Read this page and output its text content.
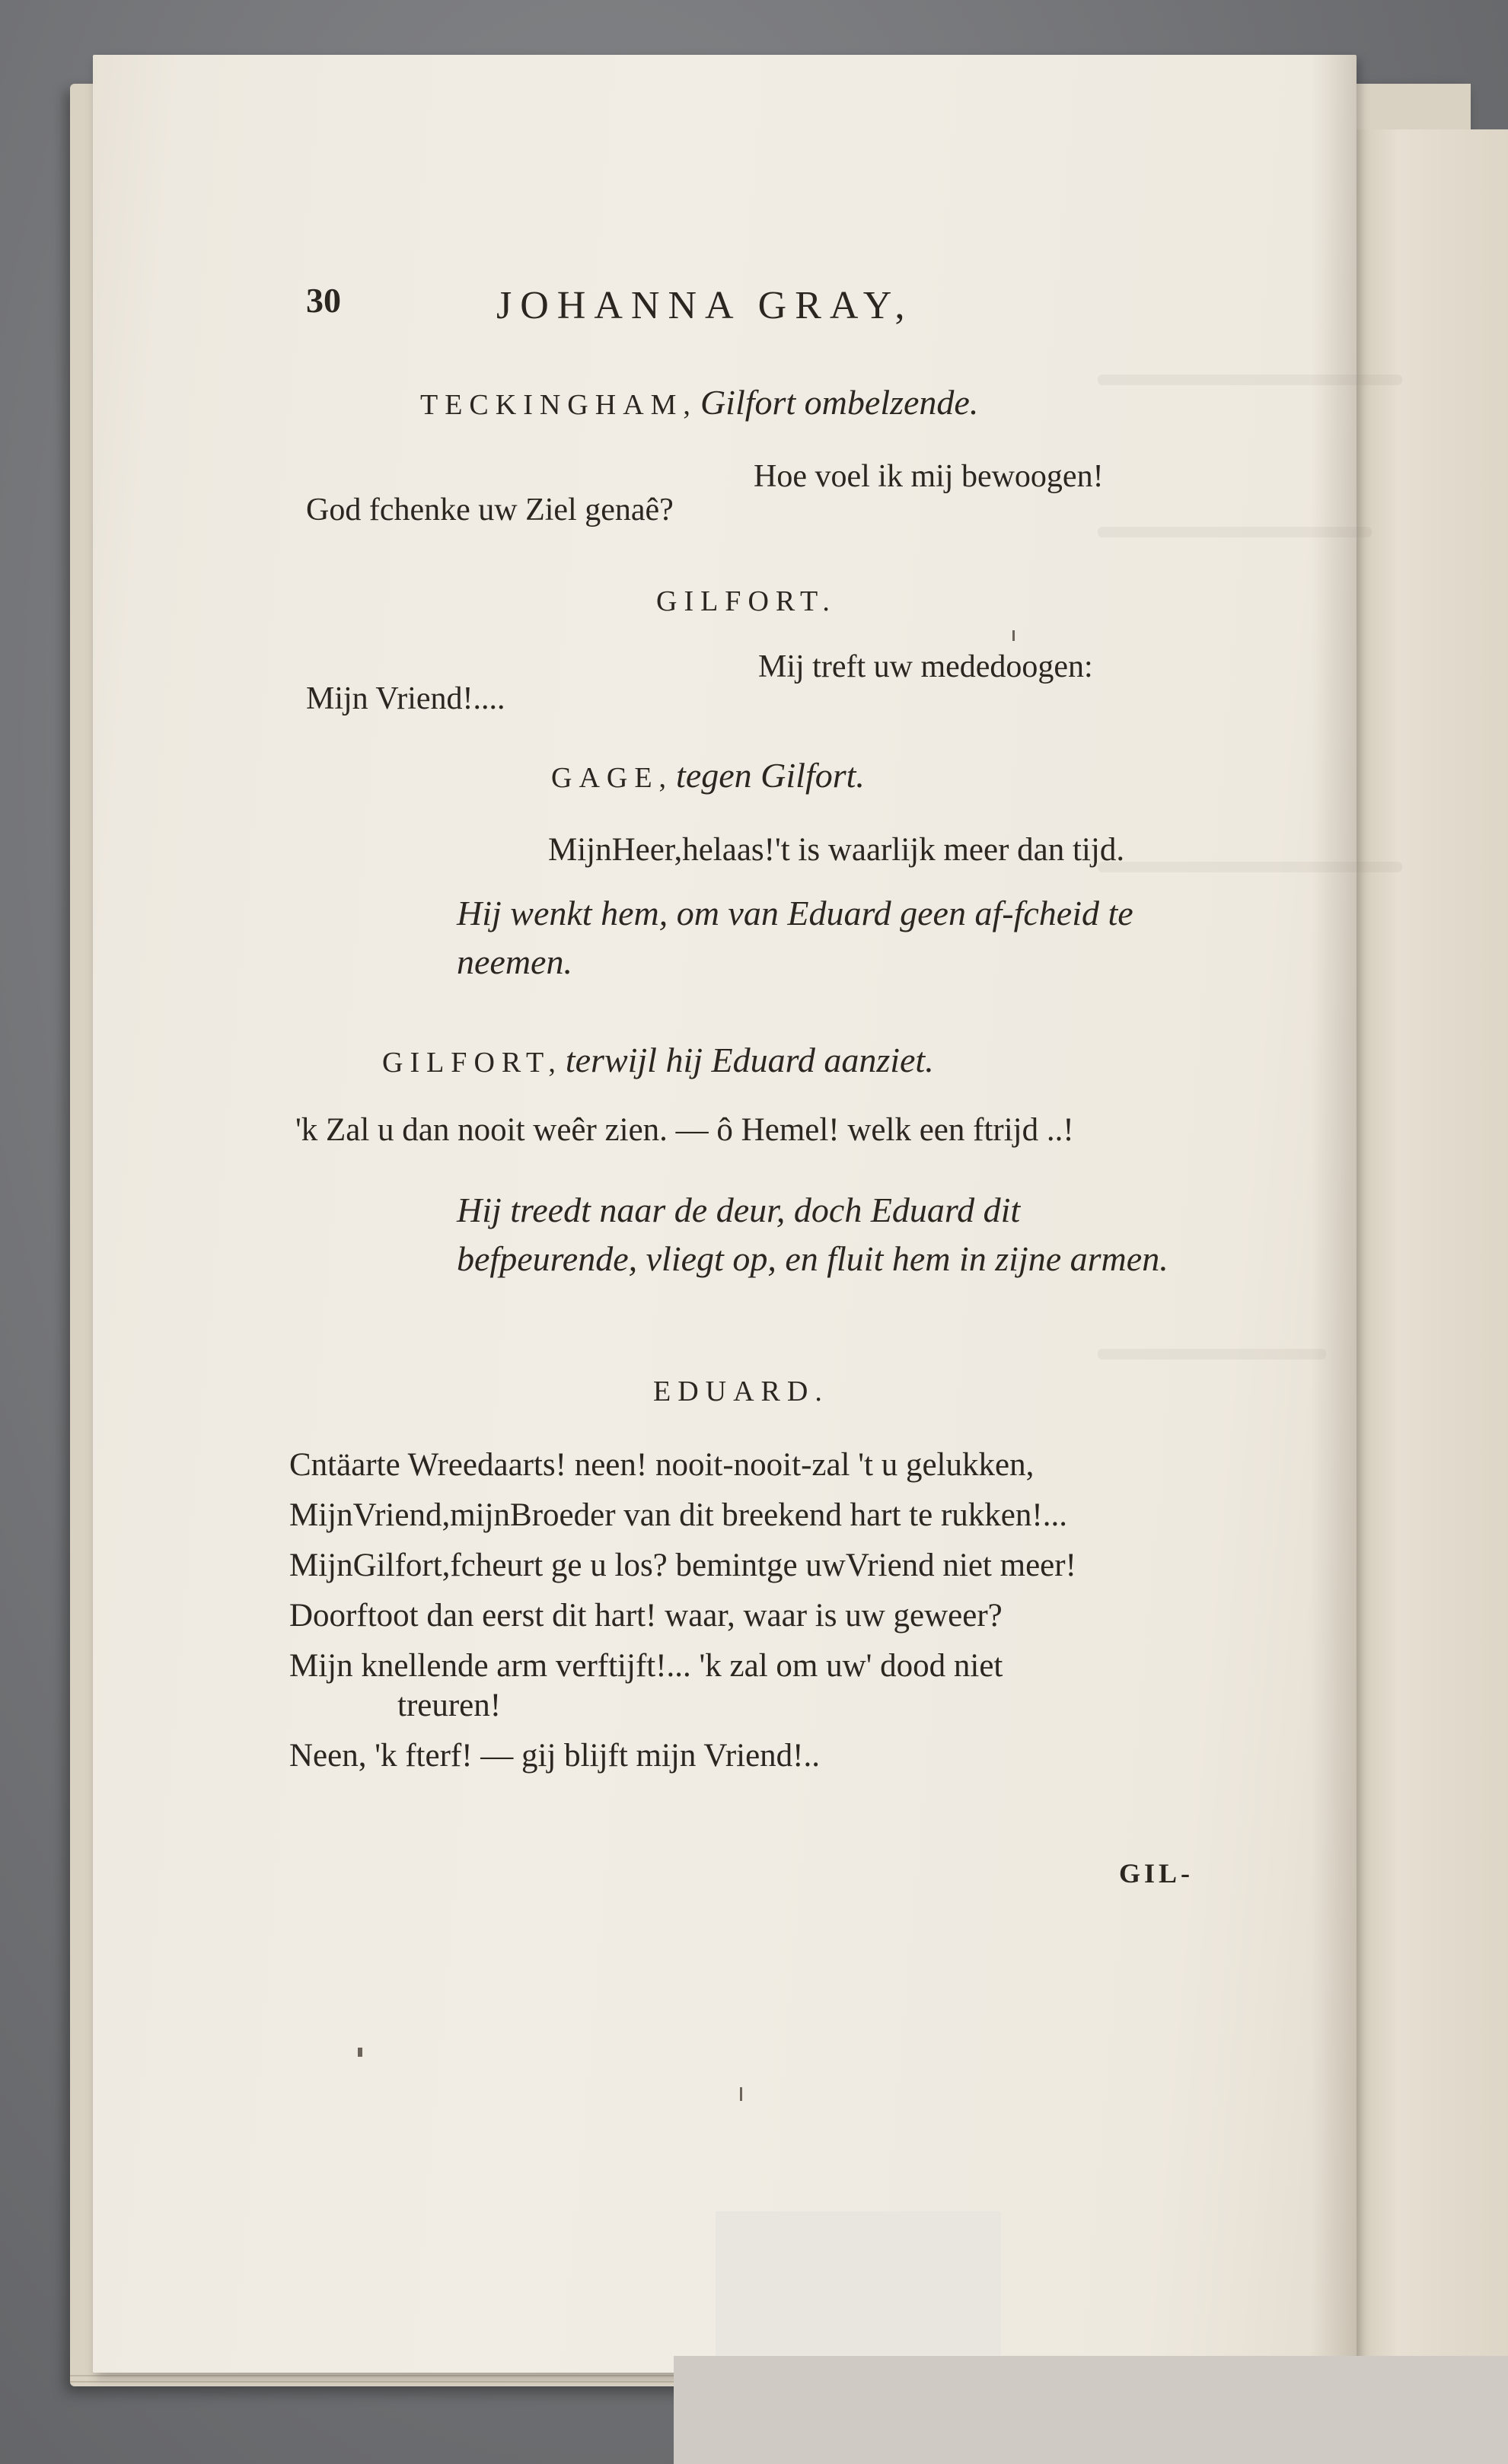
30	JOHANNA GRAY,
TECKINGHAM, Gilfort ombelzende.
Hoe voel ik mij bewoogen!
God fchenke uw Ziel genaê?
GILFORT.
Mij treft uw mededoogen:
Mijn Vriend!....
GAGE, tegen Gilfort.
MijnHeer,helaas!'t is waarlijk meer dan tijd.
Hij wenkt hem, om van Eduard geen af-fcheid te neemen.
GILFORT, terwijl hij Eduard aanziet.
'k Zal u dan nooit weêr zien. — ô Hemel! welk een ftrijd ..!
Hij treedt naar de deur, doch Eduard dit befpeurende, vliegt op, en fluit hem in zijne armen.
EDUARD.
Cntäarte Wreedaarts! neen! nooit-nooit-zal 't u gelukken,
MijnVriend,mijnBroeder van dit breekend hart te rukken!...
MijnGilfort,fcheurt ge u los? bemintge uwVriend niet meer!
Doorftoot dan eerst dit hart! waar, waar is uw geweer?
Mijn knellende arm verftijft!... 'k zal om uw' dood niet
treuren!
Neen, 'k fterf! — gij blijft mijn Vriend!..
GIL-
